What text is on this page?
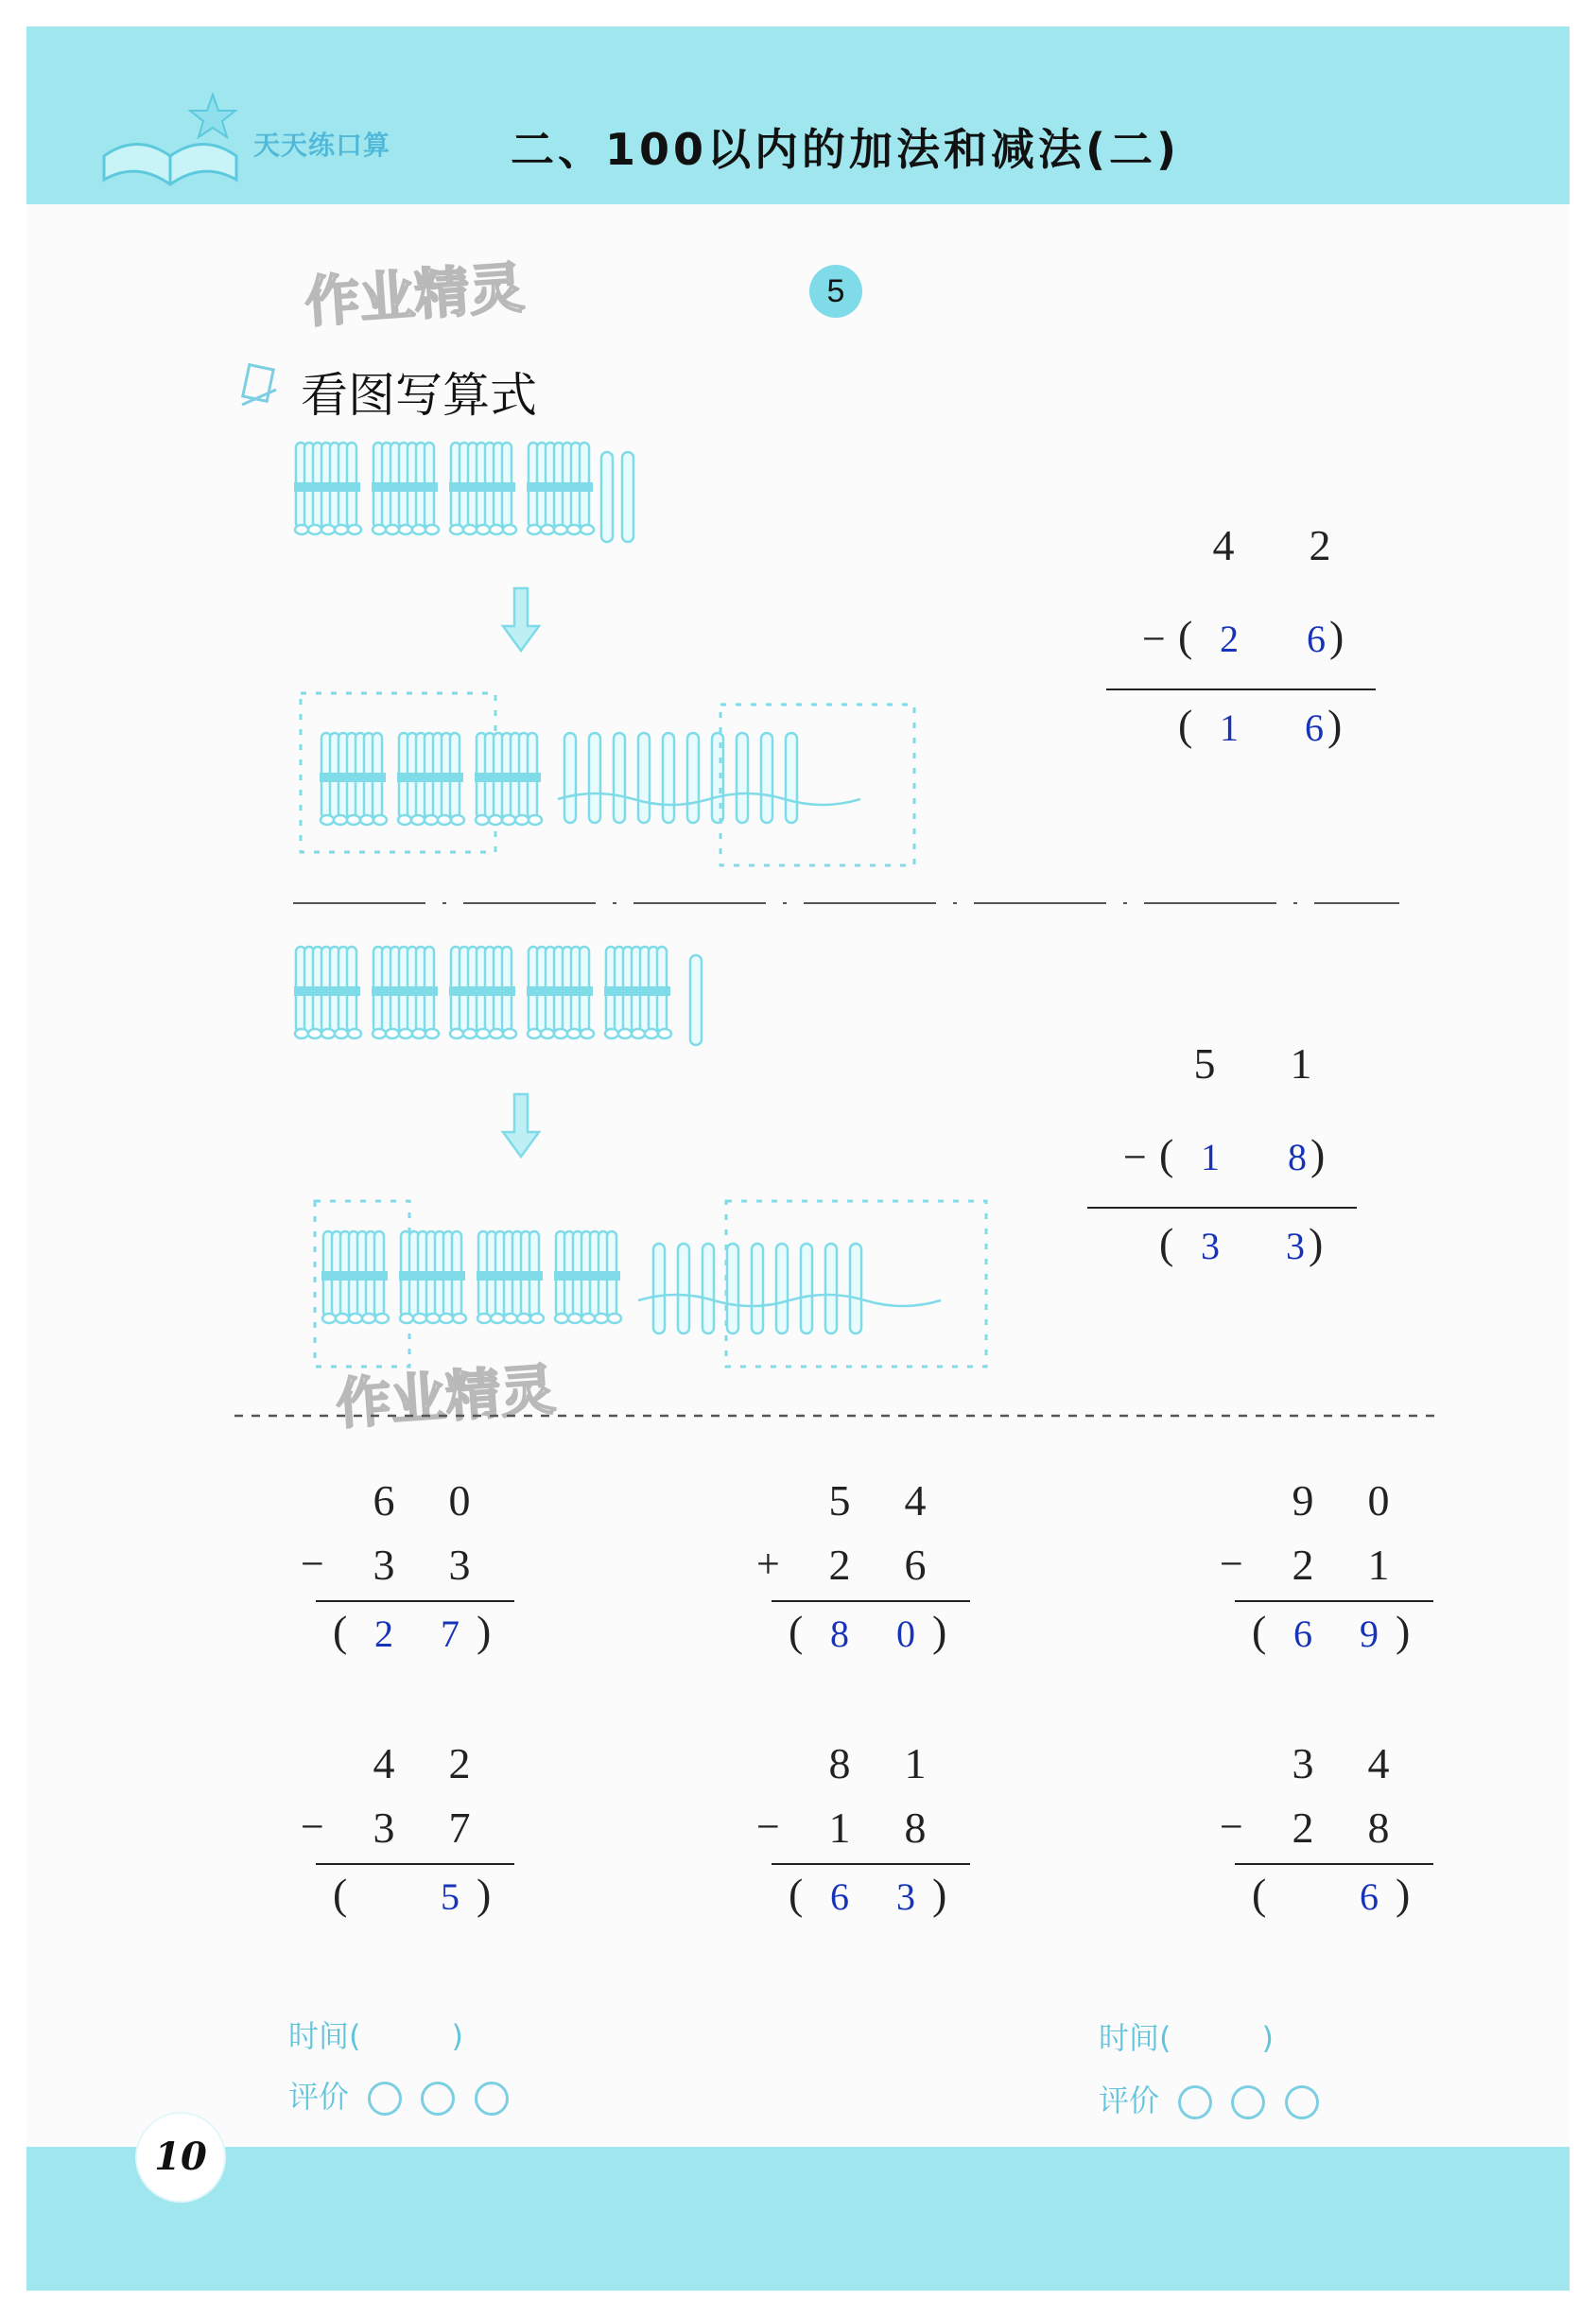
天天练口算	二、100以内的加法和减法(二)
作业精灵
作业精灵
5
看图写算式
4	2
− ( 2	6 )
( 1	6 )
5	1
− ( 1	8 )
( 3	3 )
6	0
−	3	3
( 2	7 )
5	4
+	2	6
( 8	0 )
9	0
−	2	1
( 6	9 )
4	2
−	3	7
(	5 )
8	1
−	1	8
( 6	3 )
3	4
−	2	8
(	6 )
时间(　　　)
评价
时间(　　　)
评价
10
